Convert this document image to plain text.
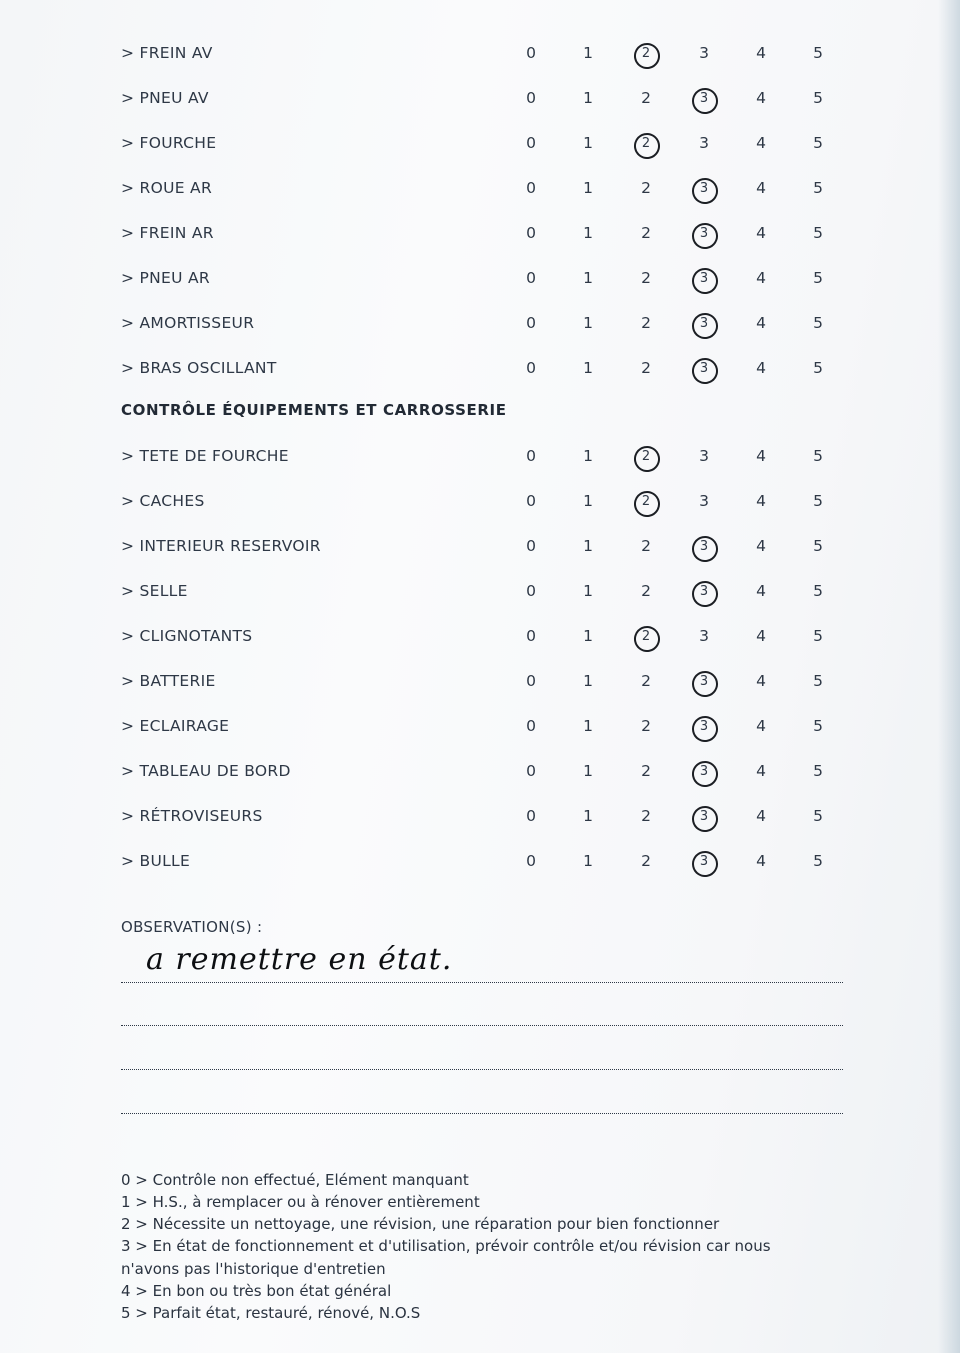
> FREIN AV	0	1	2	3	4	5
> PNEU AV	0	1	2	3	4	5
> FOURCHE	0	1	2	3	4	5
> ROUE AR	0	1	2	3	4	5
> FREIN AR	0	1	2	3	4	5
> PNEU AR	0	1	2	3	4	5
> AMORTISSEUR	0	1	2	3	4	5
> BRAS OSCILLANT	0	1	2	3	4	5
CONTRÔLE ÉQUIPEMENTS ET CARROSSERIE
> TETE DE FOURCHE	0	1	2	3	4	5
> CACHES	0	1	2	3	4	5
> INTERIEUR RESERVOIR	0	1	2	3	4	5
> SELLE	0	1	2	3	4	5
> CLIGNOTANTS	0	1	2	3	4	5
> BATTERIE	0	1	2	3	4	5
> ECLAIRAGE	0	1	2	3	4	5
> TABLEAU DE BORD	0	1	2	3	4	5
> RÉTROVISEURS	0	1	2	3	4	5
> BULLE	0	1	2	3	4	5
OBSERVATION(S) :
a remettre en état.
0 > Contrôle non effectué, Elément manquant
1 > H.S., à remplacer ou à rénover entièrement
2 > Nécessite un nettoyage, une révision, une réparation pour bien fonctionner
3 > En état de fonctionnement et d'utilisation, prévoir contrôle et/ou révision car nous
n'avons pas l'historique d'entretien
4 > En bon ou très bon état général
5 > Parfait état, restauré, rénové, N.O.S
